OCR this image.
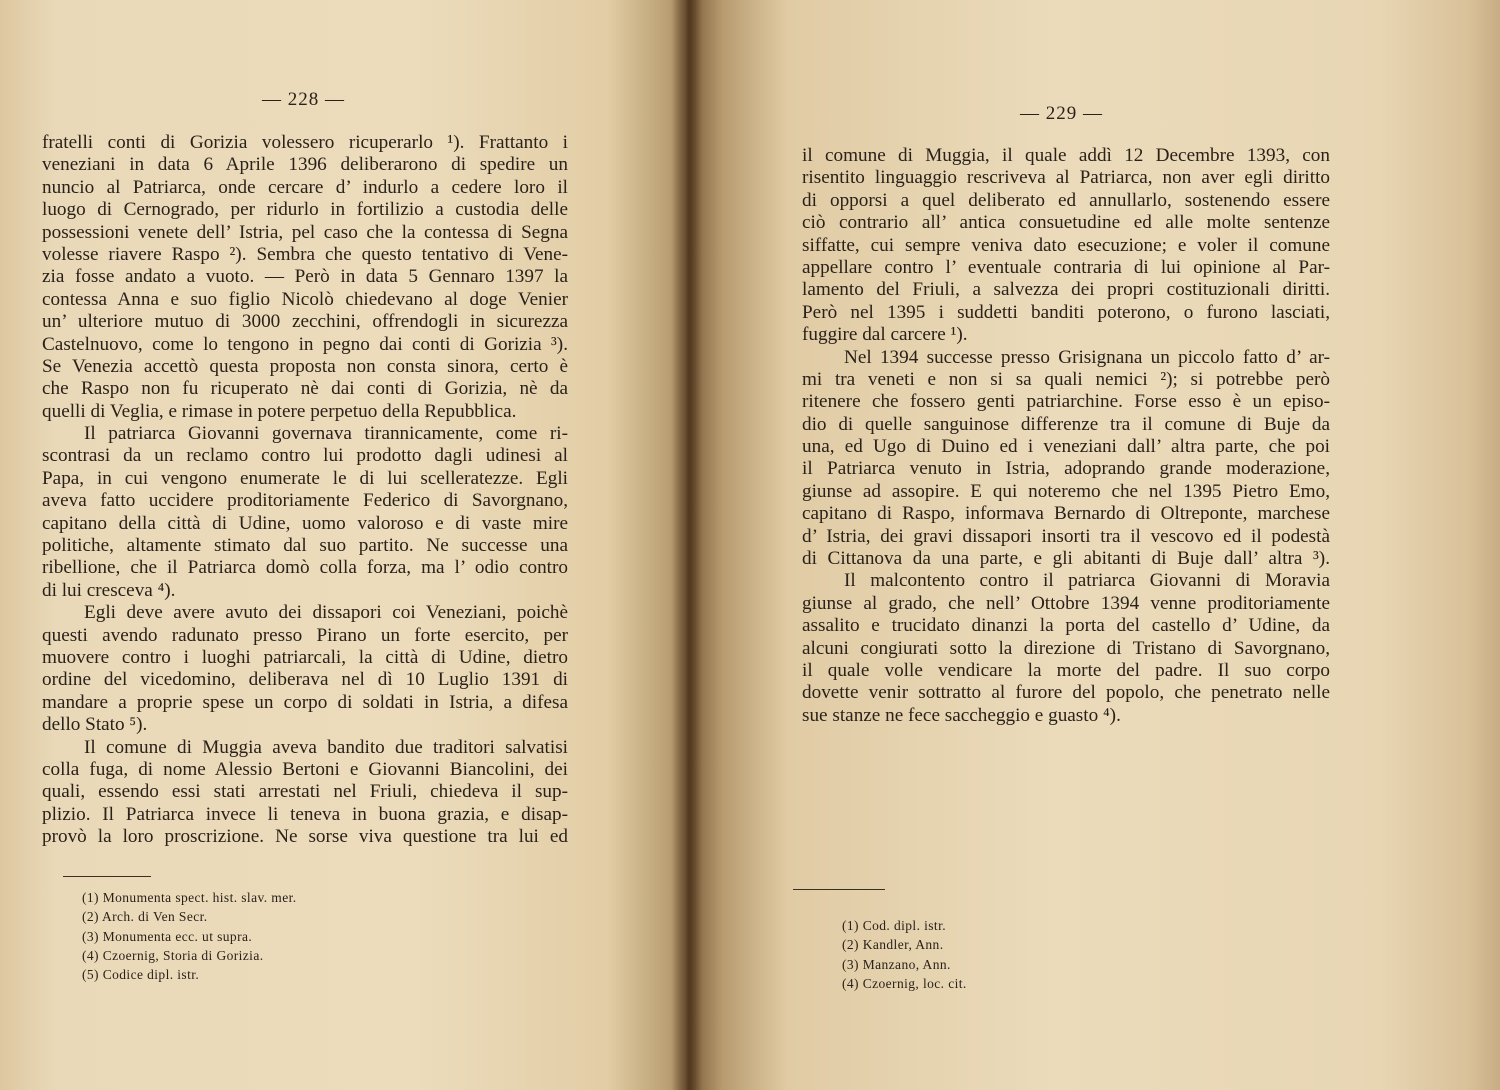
— 228 —
fratelli conti di Gorizia volessero ricuperarlo ¹). Frattanto i
veneziani in data 6 Aprile 1396 deliberarono di spedire un
nuncio al Patriarca, onde cercare d’ indurlo a cedere loro il
luogo di Cernogrado, per ridurlo in fortilizio a custodia delle
possessioni venete dell’ Istria, pel caso che la contessa di Segna
volesse riavere Raspo ²). Sembra che questo tentativo di Vene-
zia fosse andato a vuoto. — Però in data 5 Gennaro 1397 la
contessa Anna e suo figlio Nicolò chiedevano al doge Venier
un’ ulteriore mutuo di 3000 zecchini, offrendogli in sicurezza
Castelnuovo, come lo tengono in pegno dai conti di Gorizia ³).
Se Venezia accettò questa proposta non consta sinora, certo è
che Raspo non fu ricuperato nè dai conti di Gorizia, nè da
quelli di Veglia, e rimase in potere perpetuo della Repubblica.
Il patriarca Giovanni governava tirannicamente, come ri-
scontrasi da un reclamo contro lui prodotto dagli udinesi al
Papa, in cui vengono enumerate le di lui scelleratezze. Egli
aveva fatto uccidere proditoriamente Federico di Savorgnano,
capitano della città di Udine, uomo valoroso e di vaste mire
politiche, altamente stimato dal suo partito. Ne successe una
ribellione, che il Patriarca domò colla forza, ma l’ odio contro
di lui cresceva ⁴).
Egli deve avere avuto dei dissapori coi Veneziani, poichè
questi avendo radunato presso Pirano un forte esercito, per
muovere contro i luoghi patriarcali, la città di Udine, dietro
ordine del vicedomino, deliberava nel dì 10 Luglio 1391 di
mandare a proprie spese un corpo di soldati in Istria, a difesa
dello Stato ⁵).
Il comune di Muggia aveva bandito due traditori salvatisi
colla fuga, di nome Alessio Bertoni e Giovanni Biancolini, dei
quali, essendo essi stati arrestati nel Friuli, chiedeva il sup-
plizio. Il Patriarca invece li teneva in buona grazia, e disap-
provò la loro proscrizione. Ne sorse viva questione tra lui ed
(1) Monumenta spect. hist. slav. mer.
(2) Arch. di Ven Secr.
(3) Monumenta ecc. ut supra.
(4) Czoernig, Storia di Gorizia.
(5) Codice dipl. istr.
— 229 —
il comune di Muggia, il quale addì 12 Decembre 1393, con
risentito linguaggio rescriveva al Patriarca, non aver egli diritto
di opporsi a quel deliberato ed annullarlo, sostenendo essere
ciò contrario all’ antica consuetudine ed alle molte sentenze
siffatte, cui sempre veniva dato esecuzione; e voler il comune
appellare contro l’ eventuale contraria di lui opinione al Par-
lamento del Friuli, a salvezza dei propri costituzionali diritti.
Però nel 1395 i suddetti banditi poterono, o furono lasciati,
fuggire dal carcere ¹).
Nel 1394 successe presso Grisignana un piccolo fatto d’ ar-
mi tra veneti e non si sa quali nemici ²); si potrebbe però
ritenere che fossero genti patriarchine. Forse esso è un episo-
dio di quelle sanguinose differenze tra il comune di Buje da
una, ed Ugo di Duino ed i veneziani dall’ altra parte, che poi
il Patriarca venuto in Istria, adoprando grande moderazione,
giunse ad assopire. E qui noteremo che nel 1395 Pietro Emo,
capitano di Raspo, informava Bernardo di Oltreponte, marchese
d’ Istria, dei gravi dissapori insorti tra il vescovo ed il podestà
di Cittanova da una parte, e gli abitanti di Buje dall’ altra ³).
Il malcontento contro il patriarca Giovanni di Moravia
giunse al grado, che nell’ Ottobre 1394 venne proditoriamente
assalito e trucidato dinanzi la porta del castello d’ Udine, da
alcuni congiurati sotto la direzione di Tristano di Savorgnano,
il quale volle vendicare la morte del padre. Il suo corpo
dovette venir sottratto al furore del popolo, che penetrato nelle
sue stanze ne fece saccheggio e guasto ⁴).
(1) Cod. dipl. istr.
(2) Kandler, Ann.
(3) Manzano, Ann.
(4) Czoernig, loc. cit.
